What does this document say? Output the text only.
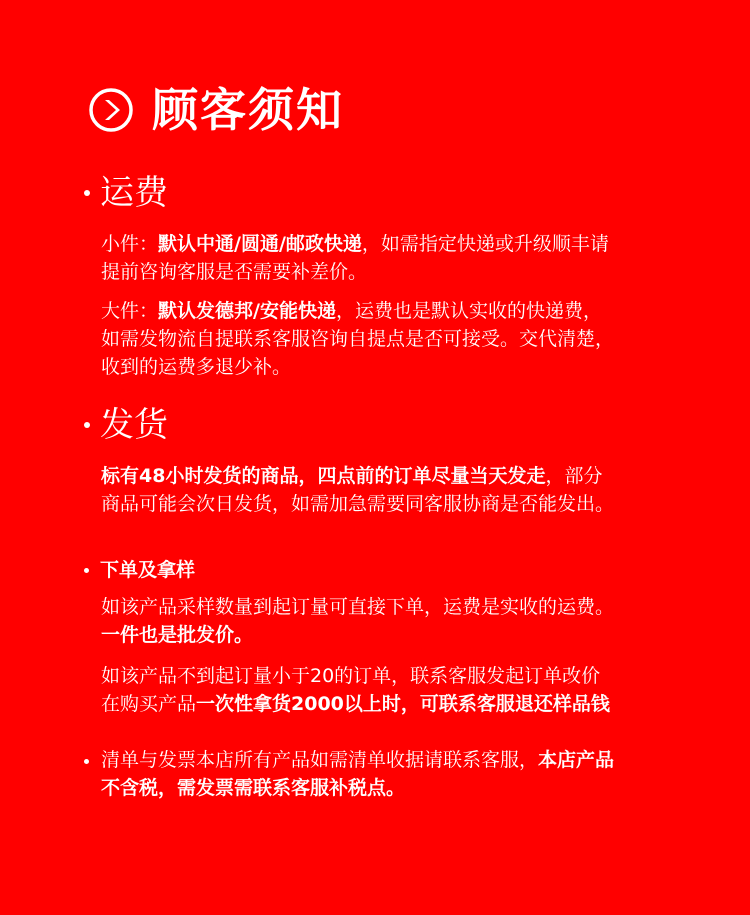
顾客须知
运费
小件：默认中通/圆通/邮政快递，如需指定快递或升级顺丰请
提前咨询客服是否需要补差价。
大件：默认发德邦/安能快递，运费也是默认实收的快递费，
如需发物流自提联系客服咨询自提点是否可接受。交代清楚，
收到的运费多退少补。
发货
标有48小时发货的商品，四点前的订单尽量当天发走，部分
商品可能会次日发货，如需加急需要同客服协商是否能发出。
下单及拿样
如该产品采样数量到起订量可直接下单，运费是实收的运费。
一件也是批发价。
如该产品不到起订量小于20的订单，联系客服发起订单改价
在购买产品一次性拿货2000以上时，可联系客服退还样品钱
清单与发票本店所有产品如需清单收据请联系客服，本店产品
不含税，需发票需联系客服补税点。
